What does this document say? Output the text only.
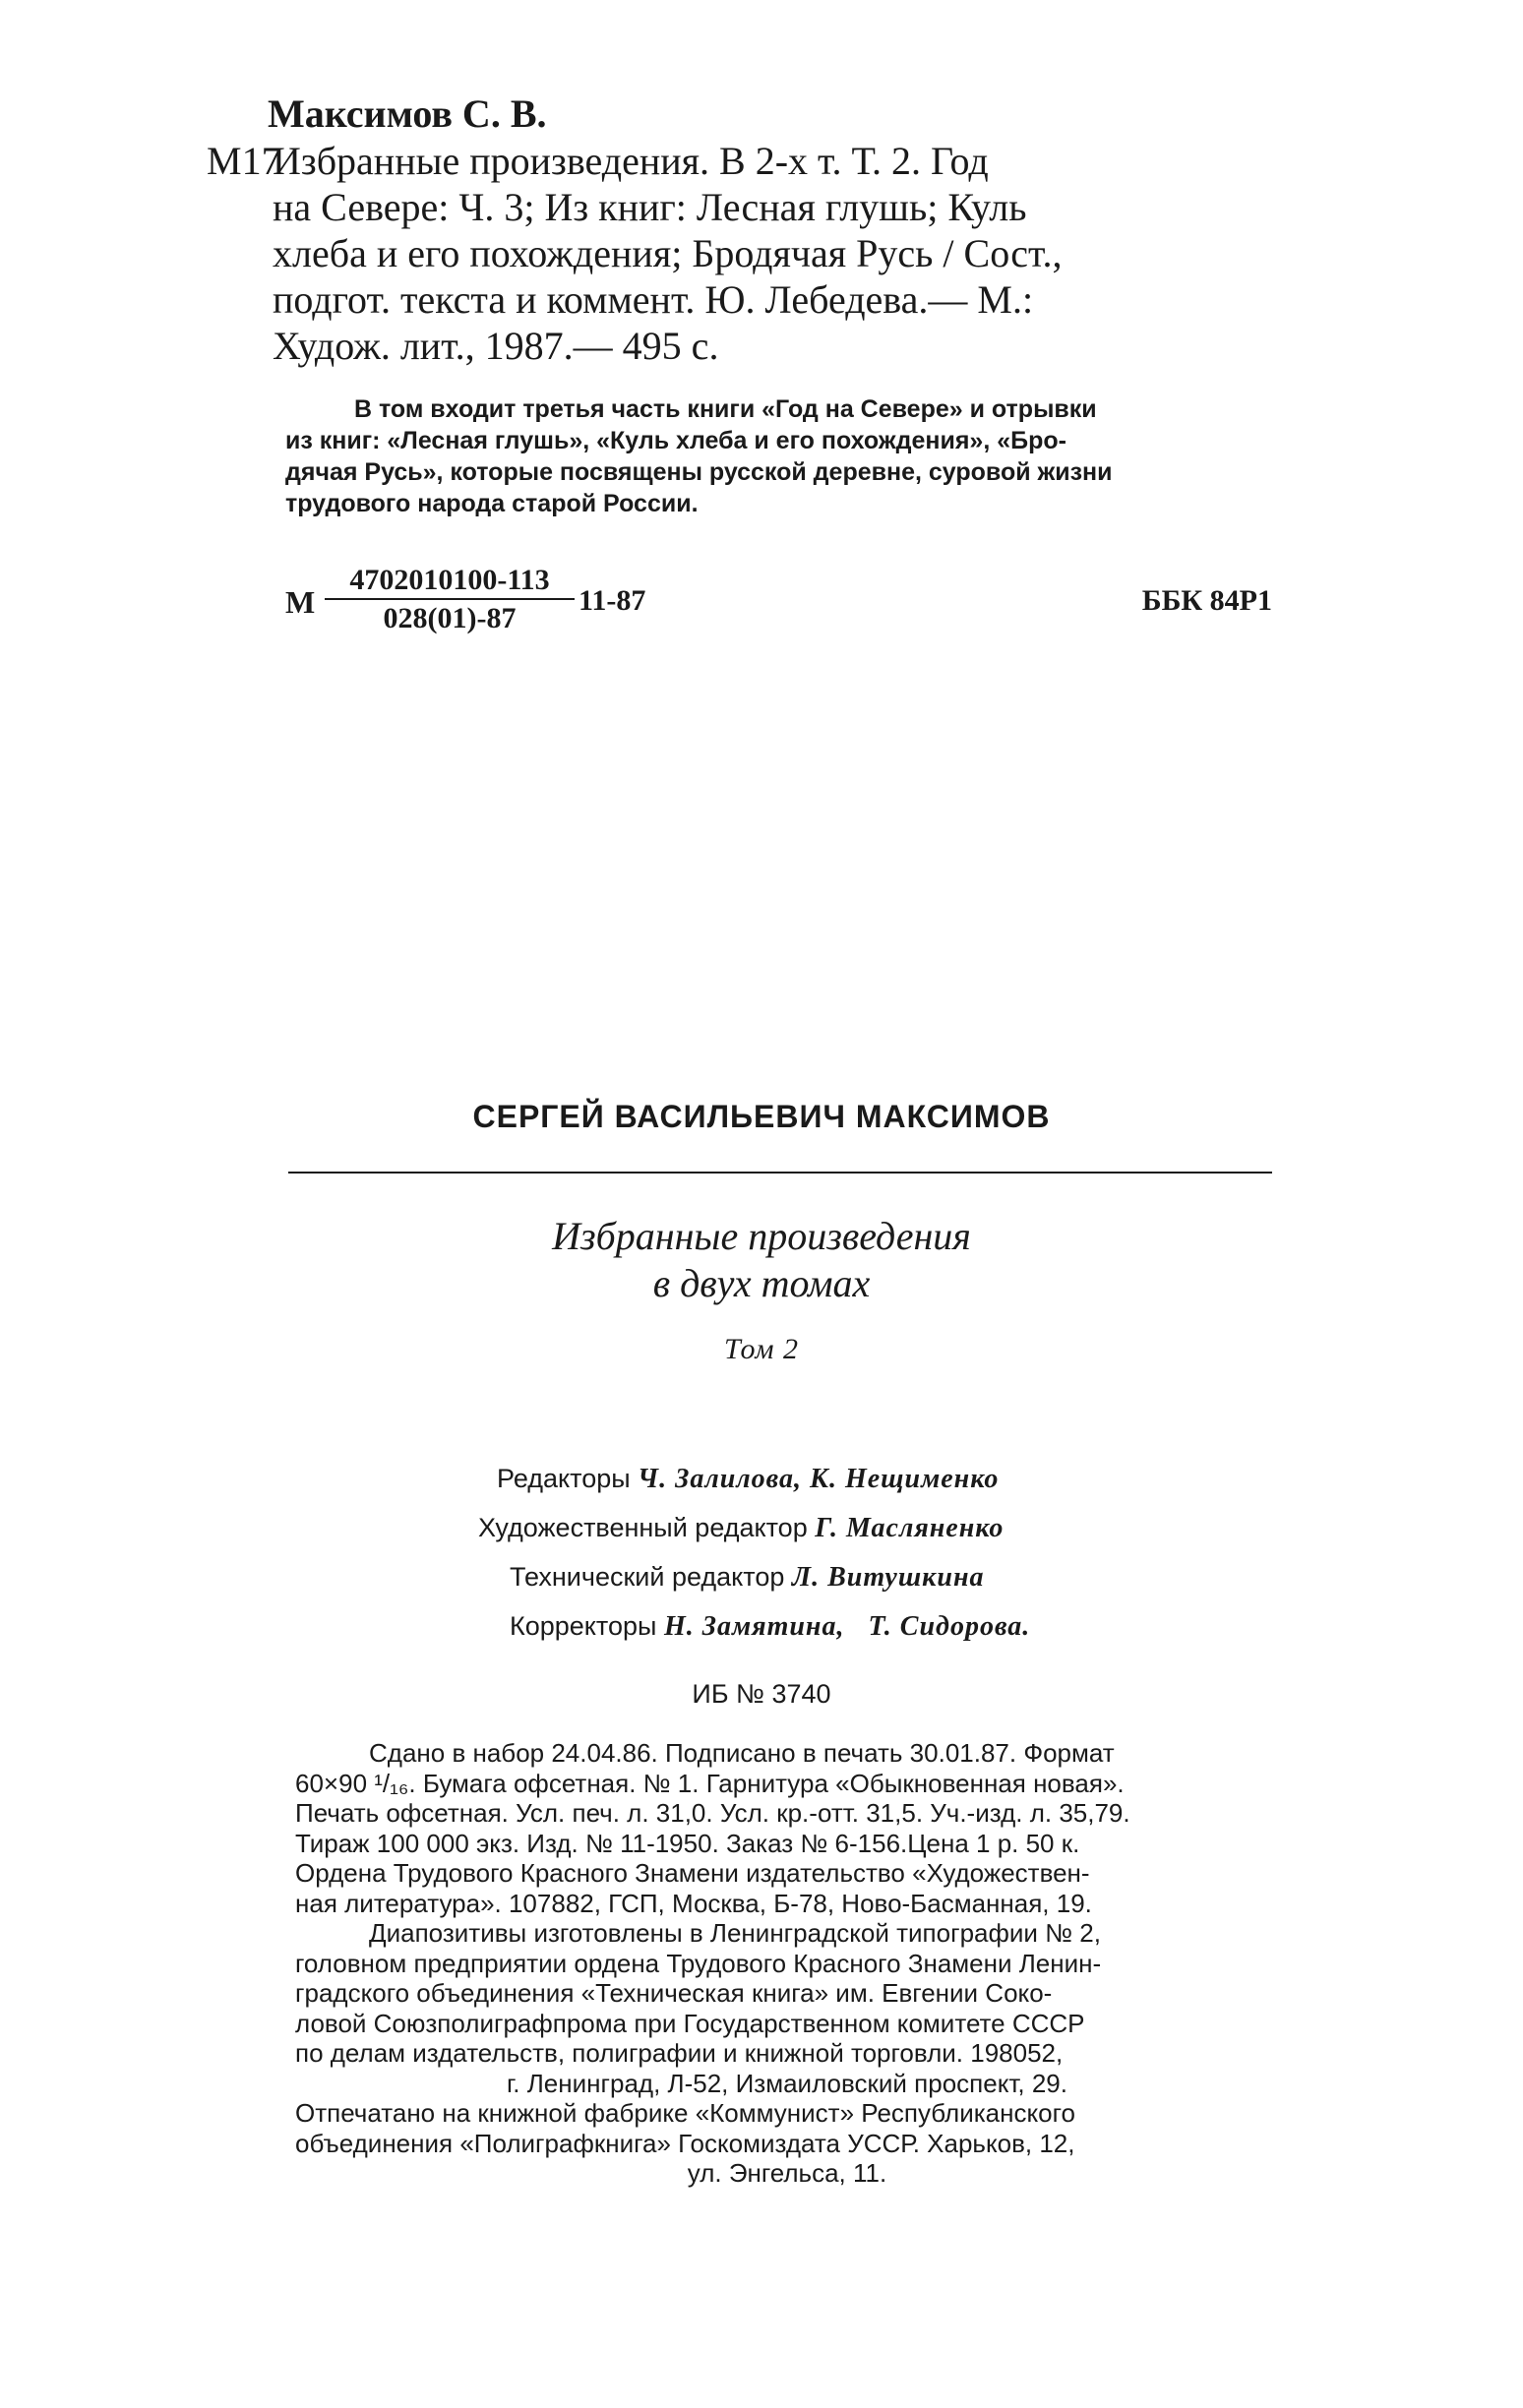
Максимов С. В.
М17
Избранные произведения. В 2-х т. Т. 2. Год
на Севере: Ч. 3; Из книг: Лесная глушь; Куль
хлеба и его похождения; Бродячая Русь / Сост.,
подгот. текста и коммент. Ю. Лебедева.— М.:
Худож. лит., 1987.— 495 с.
В том входит третья часть книги «Год на Севере» и отрывки
из книг: «Лесная глушь», «Куль хлеба и его похождения», «Бро-
дячая Русь», которые посвящены русской деревне, суровой жизни
трудового народа старой России.
М
4702010100-113
028(01)-87
11-87	ББК 84Р1
СЕРГЕЙ ВАСИЛЬЕВИЧ МАКСИМОВ
Избранные произведения
в двух томах
Том 2
Редакторы Ч. Залилова, К. Нещименко
Художественный редактор Г. Масляненко
Технический редактор Л. Витушкина
Корректоры Н. Замятина,   Т. Сидорова.
ИБ № 3740
Сдано в набор 24.04.86. Подписано в печать 30.01.87. Формат
60×90 ¹/₁₆. Бумага офсетная. № 1. Гарнитура «Обыкновенная новая».
Печать офсетная. Усл. печ. л. 31,0. Усл. кр.-отт. 31,5. Уч.-изд. л. 35,79.
Тираж 100 000 экз. Изд. № 11-1950. Заказ № 6-156.Цена 1 р. 50 к.
Ордена Трудового Красного Знамени издательство «Художествен-
ная литература». 107882, ГСП, Москва, Б-78, Ново-Басманная, 19.
Диапозитивы изготовлены в Ленинградской типографии № 2,
головном предприятии ордена Трудового Красного Знамени Ленин-
градского объединения «Техническая книга» им. Евгении Соко-
ловой Союзполиграфпрома при Государственном комитете СССР
по делам издательств, полиграфии и книжной торговли. 198052,
г. Ленинград, Л-52, Измаиловский проспект, 29.
Отпечатано на книжной фабрике «Коммунист» Республиканского
объединения «Полиграфкнига» Госкомиздата УССР. Харьков, 12,
ул. Энгельса, 11.
